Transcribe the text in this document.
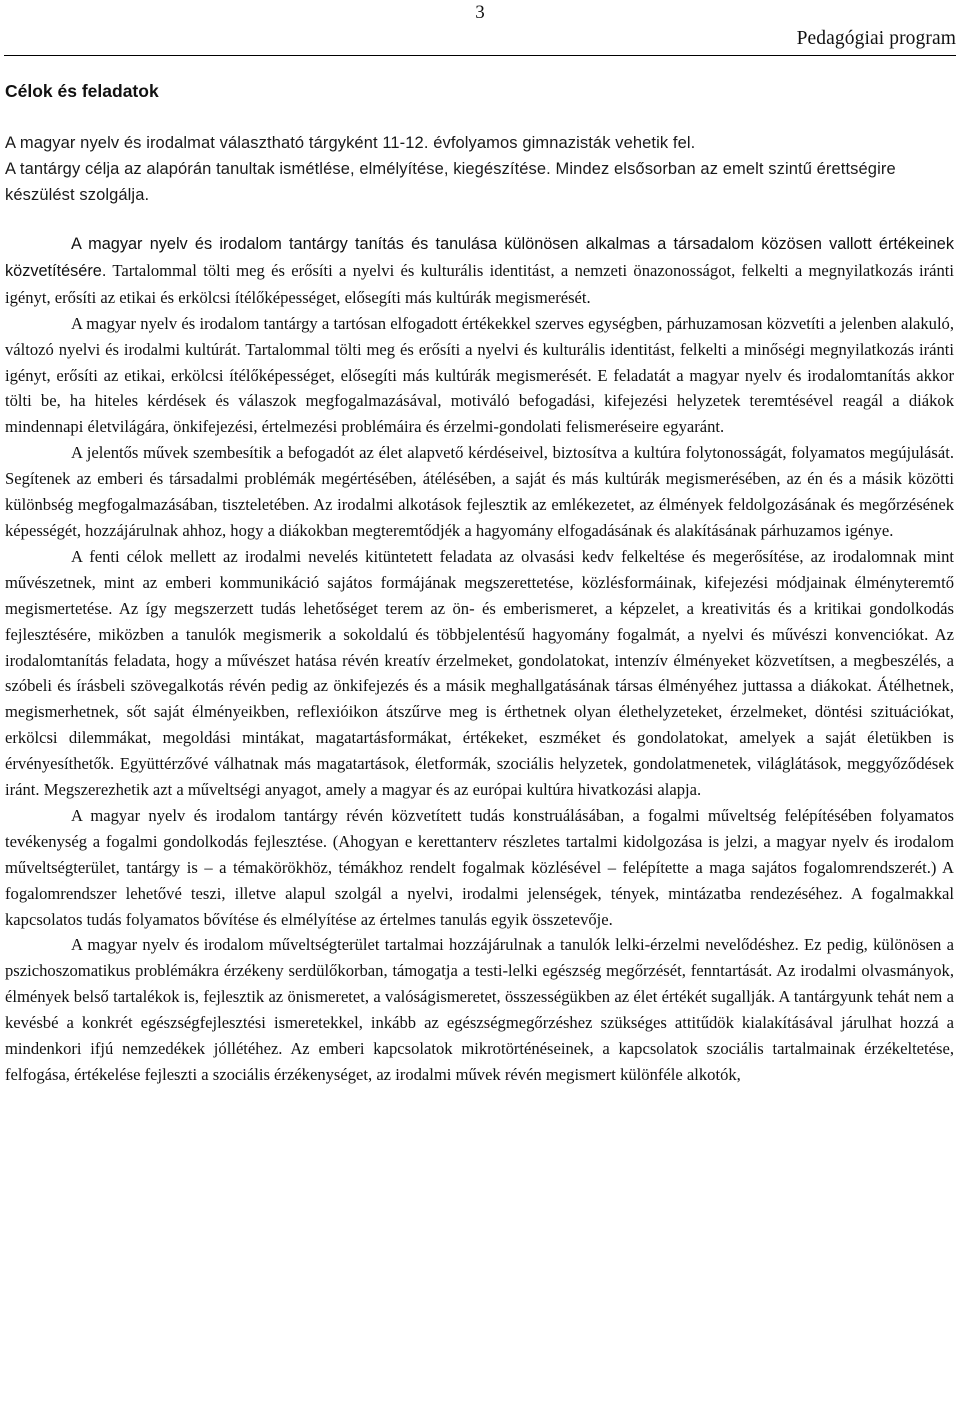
3
Pedagógiai program
Célok és feladatok

A magyar nyelv és irodalmat választható tárgyként 11-12. évfolyamos gimnazisták vehetik fel.

A tantárgy célja az alapórán tanultak ismétlése, elmélyítése, kiegészítése. Mindez elsősorban az emelt szintű érettségire készülést szolgálja.

A magyar nyelv és irodalom tantárgy tanítás és tanulása különösen alkalmas a társadalom közösen vallott értékeinek közvetítésére. Tartalommal tölti meg és erősíti a nyelvi és kulturális identitást, a nemzeti önazonosságot, felkelti a megnyilatkozás iránti igényt, erősíti az etikai és erkölcsi ítélőképességet, elősegíti más kultúrák megismerését.

A magyar nyelv és irodalom tantárgy a tartósan elfogadott értékekkel szerves egységben, párhuzamosan közvetíti a jelenben alakuló, változó nyelvi és irodalmi kultúrát. Tartalommal tölti meg és erősíti a nyelvi és kulturális identitást, felkelti a minőségi megnyilatkozás iránti igényt, erősíti az etikai, erkölcsi ítélőképességet, elősegíti más kultúrák megismerését. E feladatát a magyar nyelv és irodalomtanítás akkor tölti be, ha hiteles kérdések és válaszok megfogalmazásával, motiváló befogadási, kifejezési helyzetek teremtésével reagál a diákok mindennapi életvilágára, önkifejezési, értelmezési problémáira és érzelmi-gondolati felismeréseire egyaránt.

A jelentős művek szembesítik a befogadót az élet alapvető kérdéseivel, biztosítva a kultúra folytonosságát, folyamatos megújulását. Segítenek az emberi és társadalmi problémák megértésében, átélésében, a saját és más kultúrák megismerésében, az én és a másik közötti különbség megfogalmazásában, tiszteletében. Az irodalmi alkotások fejlesztik az emlékezetet, az élmények feldolgozásának és megőrzésének képességét, hozzájárulnak ahhoz, hogy a diákokban megteremtődjék a hagyomány elfogadásának és alakításának párhuzamos igénye.

A fenti célok mellett az irodalmi nevelés kitüntetett feladata az olvasási kedv felkeltése és megerősítése, az irodalomnak mint művészetnek, mint az emberi kommunikáció sajátos formájának megszerettetése, közlésformáinak, kifejezési módjainak élményteremtő megismertetése. Az így megszerzett tudás lehetőséget terem az ön- és emberismeret, a képzelet, a kreativitás és a kritikai gondolkodás fejlesztésére, miközben a tanulók megismerik a sokoldalú és többjelentésű hagyomány fogalmát, a nyelvi és művészi konvenciókat. Az irodalomtanítás feladata, hogy a művészet hatása révén kreatív érzelmeket, gondolatokat, intenzív élményeket közvetítsen, a megbeszélés, a szóbeli és írásbeli szövegalkotás révén pedig az önkifejezés és a másik meghallgatásának társas élményéhez juttassa a diákokat. Átélhetnek, megismerhetnek, sőt saját élményeikben, reflexióikon átszűrve meg is érthetnek olyan élethelyzeteket, érzelmeket, döntési szituációkat, erkölcsi dilemmákat, megoldási mintákat, magatartásformákat, értékeket, eszméket és gondolatokat, amelyek a saját életükben is érvényesíthetők. Együttérzővé válhatnak más magatartások, életformák, szociális helyzetek, gondolatmenetek, világlátások, meggyőződések iránt. Megszerezhetik azt a műveltségi anyagot, amely a magyar és az európai kultúra hivatkozási alapja.

A magyar nyelv és irodalom tantárgy révén közvetített tudás konstruálásában, a fogalmi műveltség felépítésében folyamatos tevékenység a fogalmi gondolkodás fejlesztése. (Ahogyan e kerettanterv részletes tartalmi kidolgozása is jelzi, a magyar nyelv és irodalom műveltségterület, tantárgy is – a témakörökhöz, témákhoz rendelt fogalmak közlésével – felépítette a maga sajátos fogalomrendszerét.) A fogalomrendszer lehetővé teszi, illetve alapul szolgál a nyelvi, irodalmi jelenségek, tények, mintázatba rendezéséhez. A fogalmakkal kapcsolatos tudás folyamatos bővítése és elmélyítése az értelmes tanulás egyik összetevője.

A magyar nyelv és irodalom műveltségterület tartalmai hozzájárulnak a tanulók lelki-érzelmi nevelődéshez. Ez pedig, különösen a pszichoszomatikus problémákra érzékeny serdülőkorban, támogatja a testi-lelki egészség megőrzését, fenntartását. Az irodalmi olvasmányok, élmények belső tartalékok is, fejlesztik az önismeretet, a valóságismeretet, összességükben az élet értékét sugallják. A tantárgyunk tehát nem a kevésbé a konkrét egészségfejlesztési ismeretekkel, inkább az egészségmegőrzéshez szükséges attitűdök kialakításával járulhat hozzá a mindenkori ifjú nemzedékek jóllétéhez. Az emberi kapcsolatok mikrotörténéseinek, a kapcsolatok szociális tartalmainak érzékeltetése, felfogása, értékelése fejleszti a szociális érzékenységet, az irodalmi művek révén megismert különféle alkotók,
